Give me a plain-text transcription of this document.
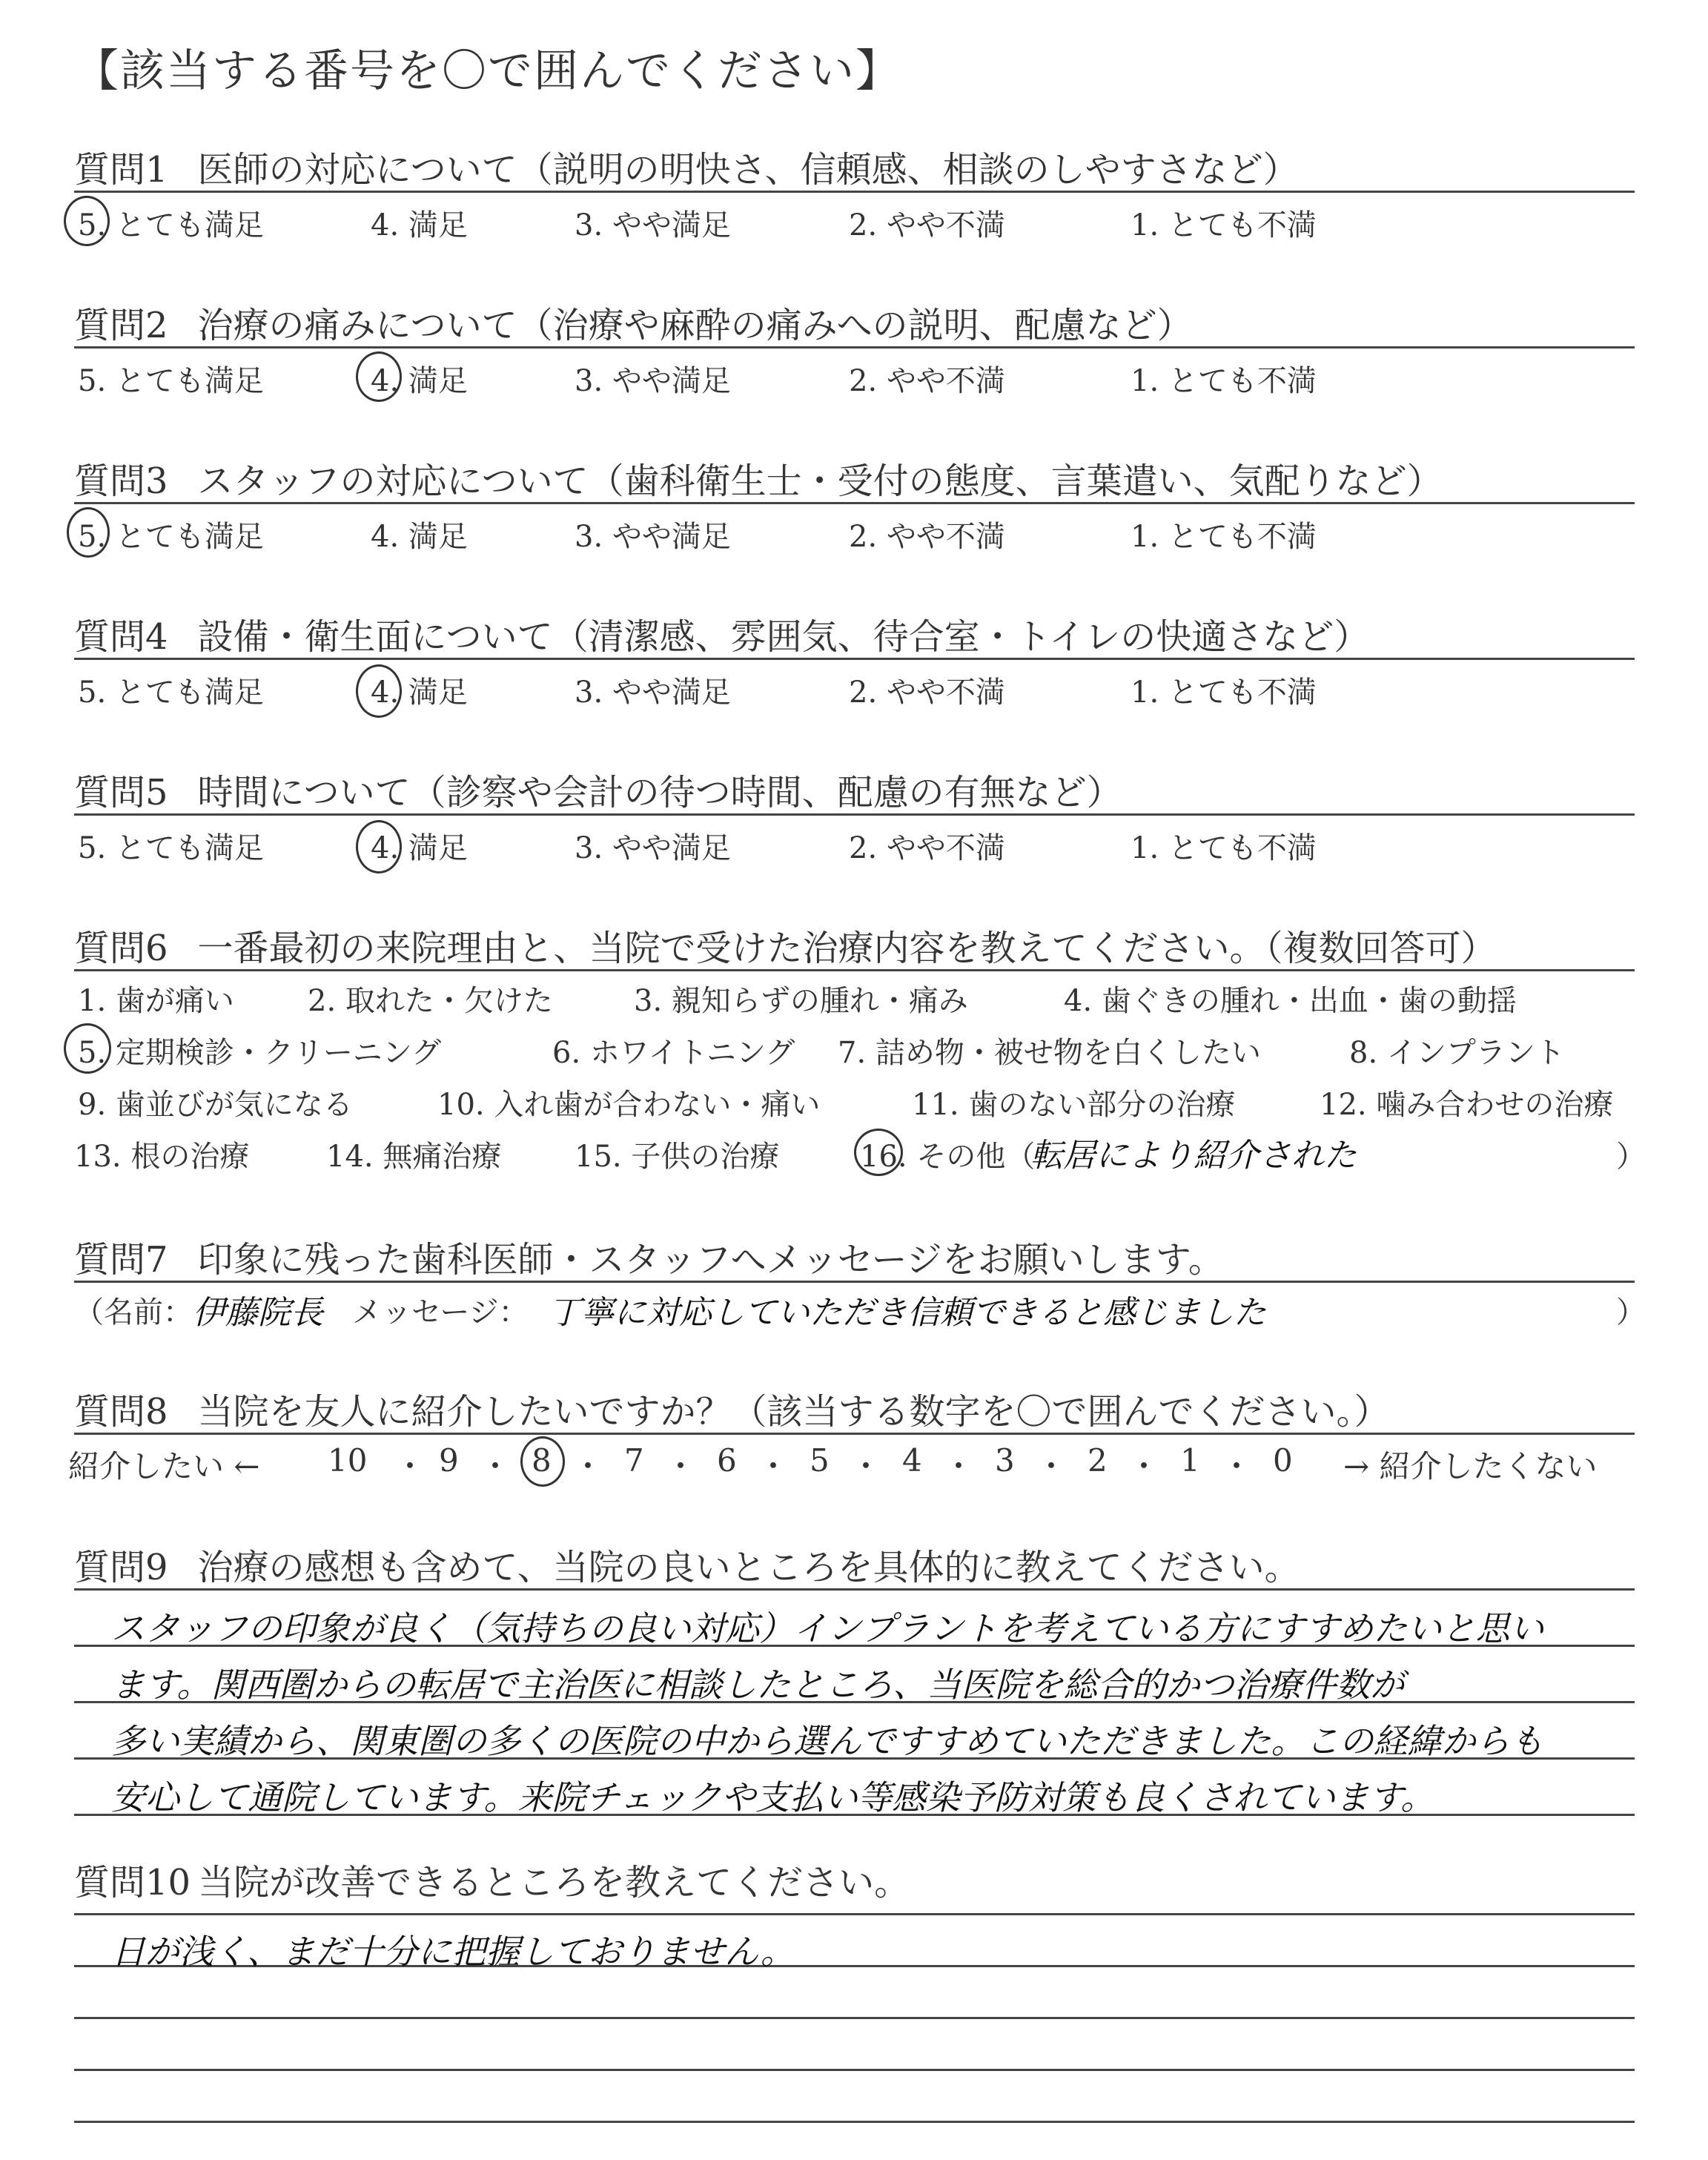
【該当する番号を〇で囲んでください】
質問1 医師の対応について（説明の明快さ、信頼感、相談のしやすさなど）
5. とても満足	4. 満足	3. やや満足	2. やや不満	1. とても不満
質問2 治療の痛みについて（治療や麻酔の痛みへの説明、配慮など）
5. とても満足	4. 満足	3. やや満足	2. やや不満	1. とても不満
質問3 スタッフの対応について（歯科衛生士・受付の態度、言葉遣い、気配りなど）
5. とても満足	4. 満足	3. やや満足	2. やや不満	1. とても不満
質問4 設備・衛生面について（清潔感、雰囲気、待合室・トイレの快適さなど）
5. とても満足	4. 満足	3. やや満足	2. やや不満	1. とても不満
質問5 時間について（診察や会計の待つ時間、配慮の有無など）
5. とても満足	4. 満足	3. やや満足	2. やや不満	1. とても不満
質問6 一番最初の来院理由と、当院で受けた治療内容を教えてください。（複数回答可）
1. 歯が痛い 2. 取れた・欠けた	3. 親知らずの腫れ・痛み	4. 歯ぐきの腫れ・出血・歯の動揺
5. 定期検診・クリーニング	6. ホワイトニング 7. 詰め物・被せ物を白くしたい	8. インプラント
9. 歯並びが気になる	10. 入れ歯が合わない・痛い	11. 歯のない部分の治療	12. 噛み合わせの治療
13. 根の治療	14. 無痛治療 15. 子供の治療	16. その他（
転居により紹介された	）
質問7 印象に残った歯科医師・スタッフへメッセージをお願いします。
（名前： 伊藤院長 メッセージ： 丁寧に対応していただき信頼できると感じました	）
質問8 当院を友人に紹介したいですか？（該当する数字を〇で囲んでください。）
紹介したい ← 10 ・ 9 ・ 8 ・ 7 ・ 6 ・ 5 ・ 4 ・ 3 ・ 2 ・ 1 ・ 0 → 紹介したくない
質問9 治療の感想も含めて、当院の良いところを具体的に教えてください。
スタッフの印象が良く（気持ちの良い対応）インプラントを考えている方にすすめたいと思い
ます。関西圏からの転居で主治医に相談したところ、当医院を総合的かつ治療件数が
多い実績から、関東圏の多くの医院の中から選んですすめていただきました。この経緯からも
安心して通院しています。来院チェックや支払い等感染予防対策も良くされています。
質問10 当院が改善できるところを教えてください。
日が浅く、まだ十分に把握しておりません。
